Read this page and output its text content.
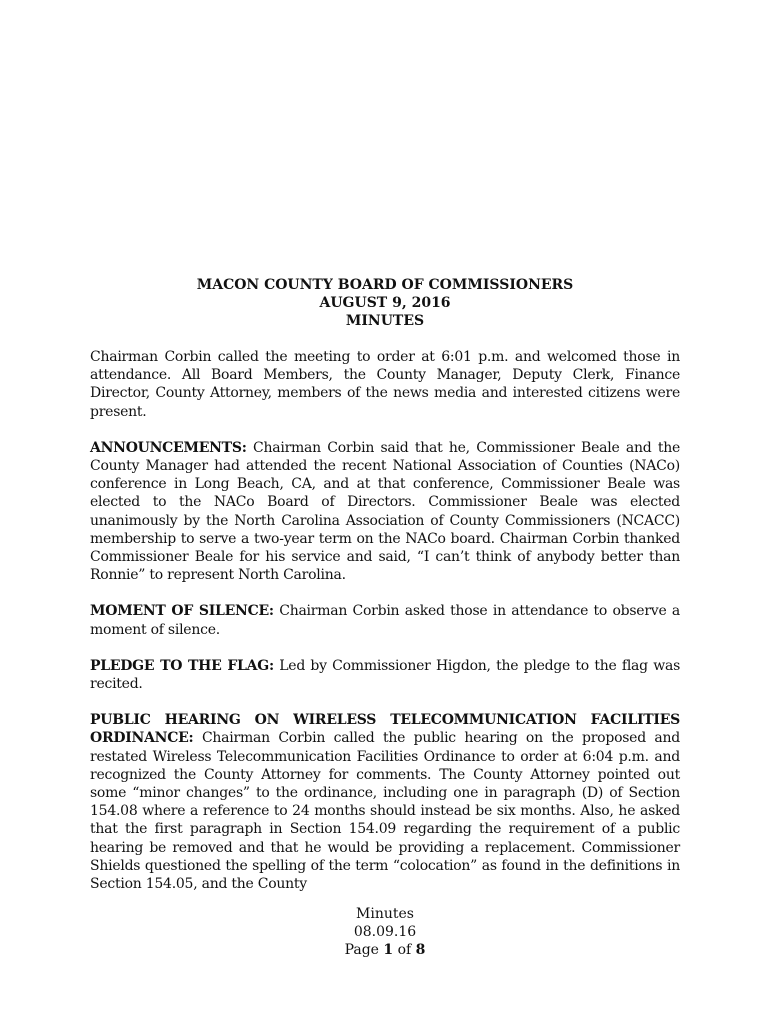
MACON COUNTY BOARD OF COMMISSIONERS
AUGUST 9, 2016
MINUTES

Chairman Corbin called the meeting to order at 6:01 p.m. and welcomed those in attendance. All Board Members, the County Manager, Deputy Clerk, Finance Director, County Attorney, members of the news media and interested citizens were present.

ANNOUNCEMENTS: Chairman Corbin said that he, Commissioner Beale and the County Manager had attended the recent National Association of Counties (NACo) conference in Long Beach, CA, and at that conference, Commissioner Beale was elected to the NACo Board of Directors. Commissioner Beale was elected unanimously by the North Carolina Association of County Commissioners (NCACC) membership to serve a two-year term on the NACo board. Chairman Corbin thanked Commissioner Beale for his service and said, “I can’t think of anybody better than Ronnie” to represent North Carolina.

MOMENT OF SILENCE: Chairman Corbin asked those in attendance to observe a moment of silence.

PLEDGE TO THE FLAG: Led by Commissioner Higdon, the pledge to the flag was recited.

PUBLIC HEARING ON WIRELESS TELECOMMUNICATION FACILITIES ORDINANCE: Chairman Corbin called the public hearing on the proposed and restated Wireless Telecommunication Facilities Ordinance to order at 6:04 p.m. and recognized the County Attorney for comments. The County Attorney pointed out some “minor changes” to the ordinance, including one in paragraph (D) of Section 154.08 where a reference to 24 months should instead be six months. Also, he asked that the first paragraph in Section 154.09 regarding the requirement of a public hearing be removed and that he would be providing a replacement. Commissioner Shields questioned the spelling of the term “colocation” as found in the definitions in Section 154.05, and the County

Minutes
08.09.16
Page 1 of 8
